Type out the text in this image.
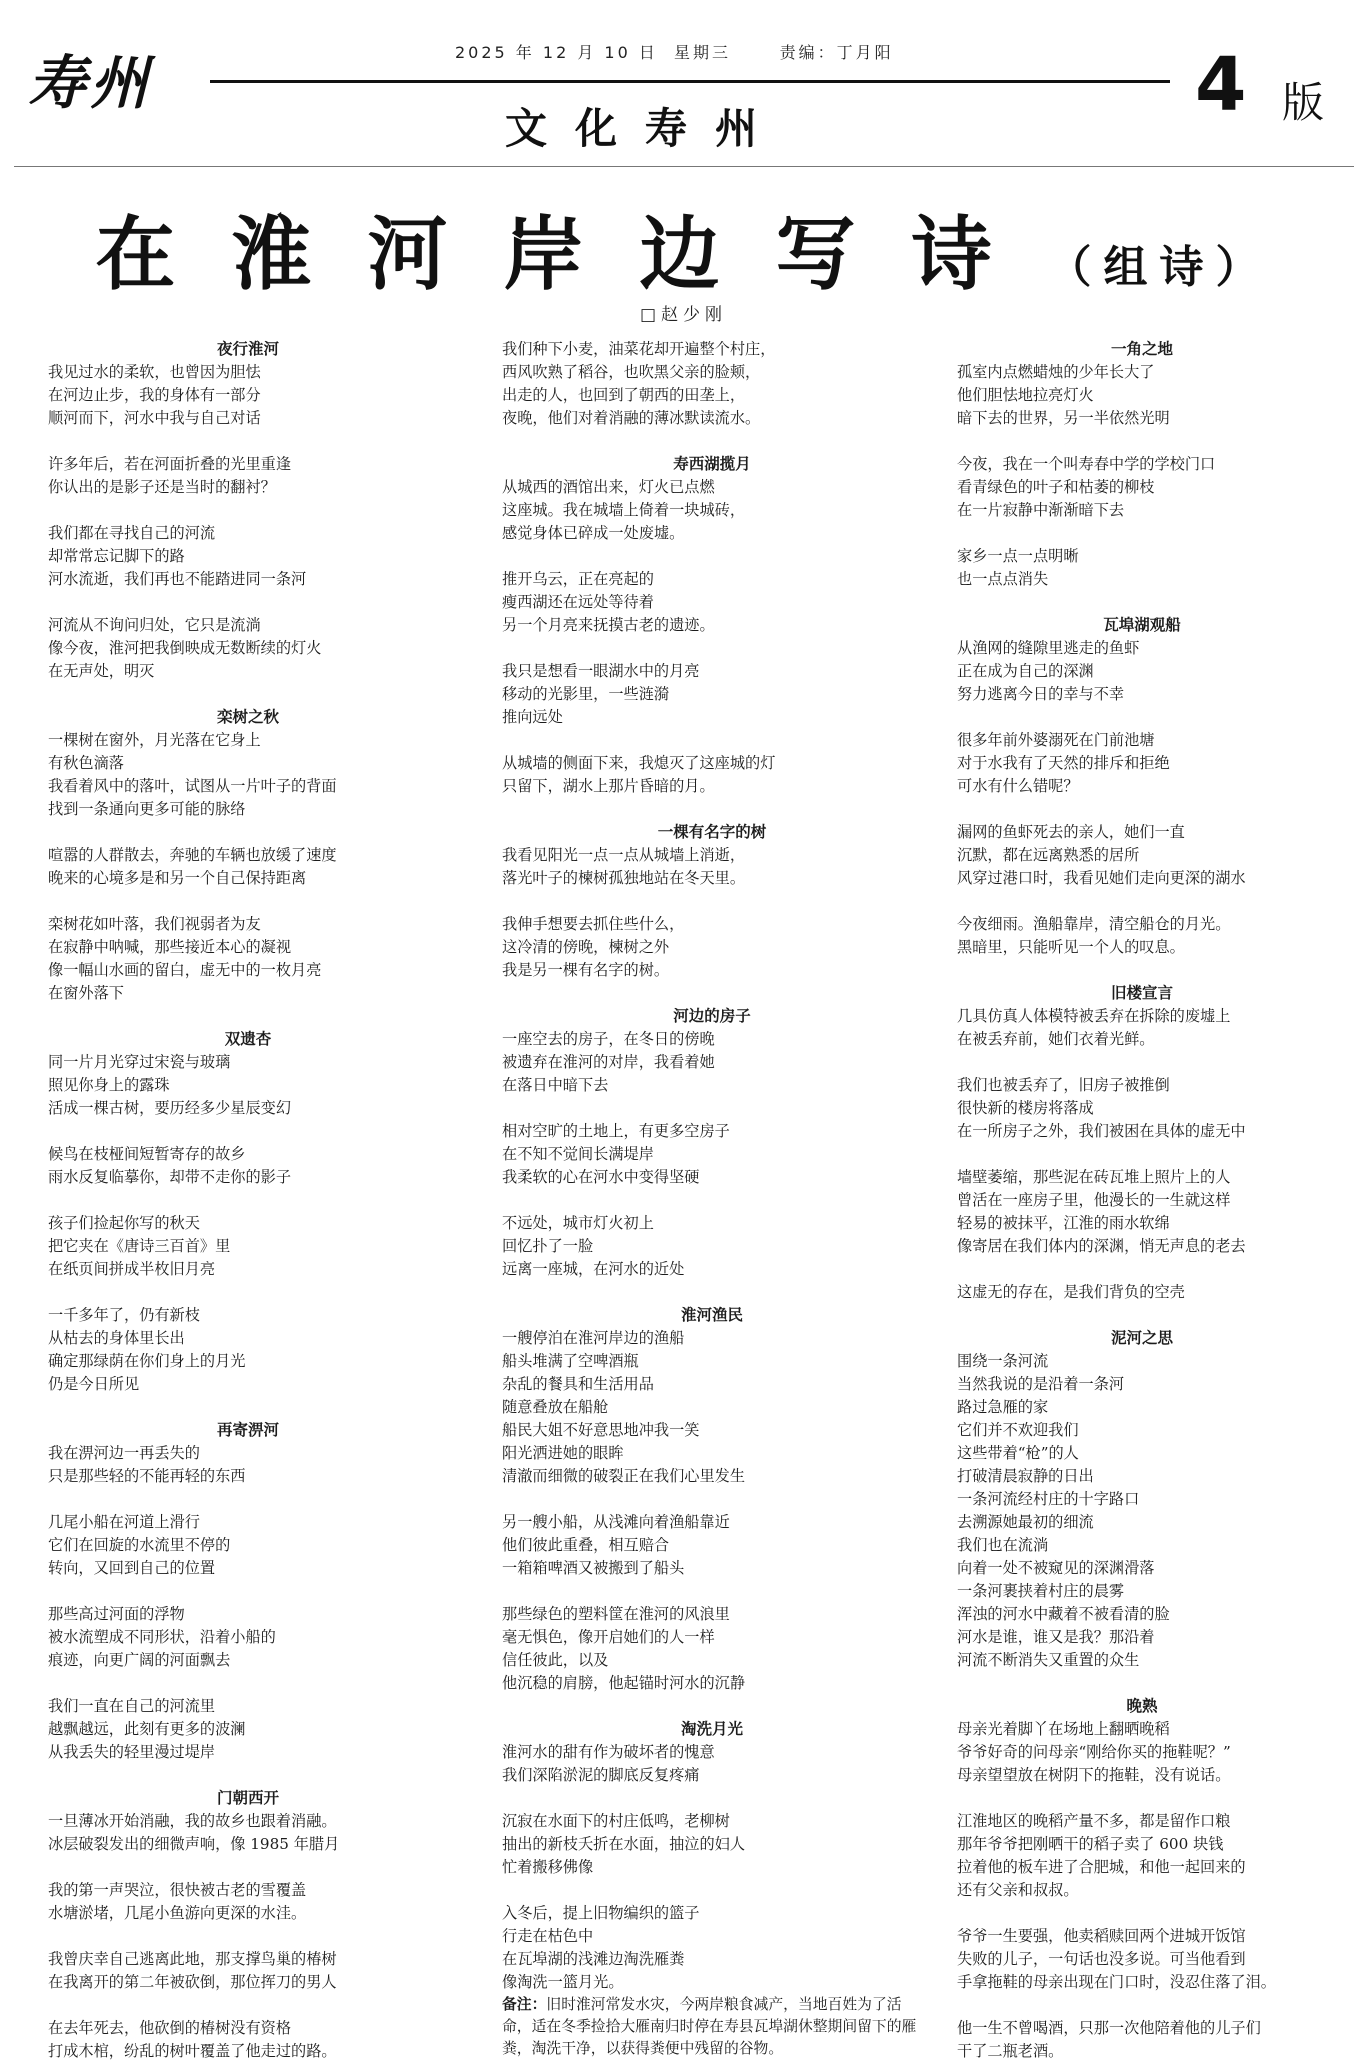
寿州	2025 年 12 月 10 日  星期三	责编：丁月阳
文化寿州
4 版
在淮河岸边写诗（组诗）
□赵少刚
夜行淮河
我见过水的柔软，也曾因为胆怯
在河边止步，我的身体有一部分
顺河而下，河水中我与自己对话
许多年后，若在河面折叠的光里重逢
你认出的是影子还是当时的翻衬？
我们都在寻找自己的河流
却常常忘记脚下的路
河水流逝，我们再也不能踏进同一条河
河流从不询问归处，它只是流淌
像今夜，淮河把我倒映成无数断续的灯火
在无声处，明灭
栾树之秋
一棵树在窗外，月光落在它身上
有秋色滴落
我看着风中的落叶，试图从一片叶子的背面
找到一条通向更多可能的脉络
喧嚣的人群散去，奔驰的车辆也放缓了速度
晚来的心境多是和另一个自己保持距离
栾树花如叶落，我们视弱者为友
在寂静中呐喊，那些接近本心的凝视
像一幅山水画的留白，虚无中的一枚月亮
在窗外落下
双遗杏
同一片月光穿过宋瓷与玻璃
照见你身上的露珠
活成一棵古树，要历经多少星辰变幻
候鸟在枝桠间短暂寄存的故乡
雨水反复临摹你，却带不走你的影子
孩子们捡起你写的秋天
把它夹在《唐诗三百首》里
在纸页间拼成半枚旧月亮
一千多年了，仍有新枝
从枯去的身体里长出
确定那绿荫在你们身上的月光
仍是今日所见
再寄淠河
我在淠河边一再丢失的
只是那些轻的不能再轻的东西
几尾小船在河道上滑行
它们在回旋的水流里不停的
转向，又回到自己的位置
那些高过河面的浮物
被水流塑成不同形状，沿着小船的
痕迹，向更广阔的河面飘去
我们一直在自己的河流里
越飘越远，此刻有更多的波澜
从我丢失的轻里漫过堤岸
门朝西开
一旦薄冰开始消融，我的故乡也跟着消融。
冰层破裂发出的细微声响，像 1985 年腊月
我的第一声哭泣，很快被古老的雪覆盖
水塘淤堵，几尾小鱼游向更深的水洼。
我曾庆幸自己逃离此地，那支撑鸟巢的椿树
在我离开的第二年被砍倒，那位挥刀的男人
在去年死去，他砍倒的椿树没有资格
打成木棺，纷乱的树叶覆盖了他走过的路。
我们种下小麦，油菜花却开遍整个村庄，
西风吹熟了稻谷，也吹黑父亲的脸颊，
出走的人，也回到了朝西的田垄上，
夜晚，他们对着消融的薄冰默读流水。
寿西湖揽月
从城西的酒馆出来，灯火已点燃
这座城。我在城墙上倚着一块城砖，
感觉身体已碎成一处废墟。
推开乌云，正在亮起的
瘦西湖还在远处等待着
另一个月亮来抚摸古老的遗迹。
我只是想看一眼湖水中的月亮
移动的光影里，一些涟漪
推向远处
从城墙的侧面下来，我熄灭了这座城的灯
只留下，湖水上那片昏暗的月。
一棵有名字的树
我看见阳光一点一点从城墙上消逝，
落光叶子的楝树孤独地站在冬天里。
我伸手想要去抓住些什么，
这冷清的傍晚，楝树之外
我是另一棵有名字的树。
河边的房子
一座空去的房子，在冬日的傍晚
被遗弃在淮河的对岸，我看着她
在落日中暗下去
相对空旷的土地上，有更多空房子
在不知不觉间长满堤岸
我柔软的心在河水中变得坚硬
不远处，城市灯火初上
回忆扑了一脸
远离一座城，在河水的近处
淮河渔民
一艘停泊在淮河岸边的渔船
船头堆满了空啤酒瓶
杂乱的餐具和生活用品
随意叠放在船舱
船民大姐不好意思地冲我一笑
阳光洒进她的眼眸
清澈而细微的破裂正在我们心里发生
另一艘小船，从浅滩向着渔船靠近
他们彼此重叠，相互赔合
一箱箱啤酒又被搬到了船头
那些绿色的塑料筐在淮河的风浪里
毫无惧色，像开启她们的人一样
信任彼此，以及
他沉稳的肩膀，他起锚时河水的沉静
淘洗月光
淮河水的甜有作为破坏者的愧意
我们深陷淤泥的脚底反复疼痛
沉寂在水面下的村庄低鸣，老柳树
抽出的新枝夭折在水面，抽泣的妇人
忙着搬移佛像
入冬后，提上旧物编织的篮子
行走在枯色中
在瓦埠湖的浅滩边淘洗雁粪
像淘洗一篮月光。
备注：旧时淮河常发水灾，今两岸粮食减产，当地百姓为了活命，适在冬季捡拾大雁南归时停在寿县瓦埠湖休整期间留下的雁粪，淘洗干净，以获得粪便中残留的谷物。
一角之地
孤室内点燃蜡烛的少年长大了
他们胆怯地拉亮灯火
暗下去的世界，另一半依然光明
今夜，我在一个叫寿春中学的学校门口
看青绿色的叶子和枯萎的柳枝
在一片寂静中渐渐暗下去
家乡一点一点明晰
也一点点消失
瓦埠湖观船
从渔网的缝隙里逃走的鱼虾
正在成为自己的深渊
努力逃离今日的幸与不幸
很多年前外婆溺死在门前池塘
对于水我有了天然的排斥和拒绝
可水有什么错呢？
漏网的鱼虾死去的亲人，她们一直
沉默，都在远离熟悉的居所
风穿过港口时，我看见她们走向更深的湖水
今夜细雨。渔船靠岸，清空船仓的月光。
黑暗里，只能听见一个人的叹息。
旧楼宣言
几具仿真人体模特被丢弃在拆除的废墟上
在被丢弃前，她们衣着光鲜。
我们也被丢弃了，旧房子被推倒
很快新的楼房将落成
在一所房子之外，我们被困在具体的虚无中
墙壁萎缩，那些泥在砖瓦堆上照片上的人
曾活在一座房子里，他漫长的一生就这样
轻易的被抹平，江淮的雨水软绵
像寄居在我们体内的深渊，悄无声息的老去
这虚无的存在，是我们背负的空壳
泥河之思
围绕一条河流
当然我说的是沿着一条河
路过急雁的家
它们并不欢迎我们
这些带着“枪”的人
打破清晨寂静的日出
一条河流经村庄的十字路口
去溯源她最初的细流
我们也在流淌
向着一处不被窥见的深渊滑落
一条河裹挟着村庄的晨雾
浑浊的河水中藏着不被看清的脸
河水是谁，谁又是我？那沿着
河流不断消失又重置的众生
晚熟
母亲光着脚丫在场地上翻晒晚稻
爷爷好奇的问母亲“刚给你买的拖鞋呢？”
母亲望望放在树阴下的拖鞋，没有说话。
江淮地区的晚稻产量不多，都是留作口粮
那年爷爷把刚晒干的稻子卖了 600 块钱
拉着他的板车进了合肥城，和他一起回来的
还有父亲和叔叔。
爷爷一生要强，他卖稻赎回两个进城开饭馆
失败的儿子，一句话也没多说。可当他看到
手拿拖鞋的母亲出现在门口时，没忍住落了泪。
他一生不曾喝酒，只那一次他陪着他的儿子们
干了二瓶老酒。
